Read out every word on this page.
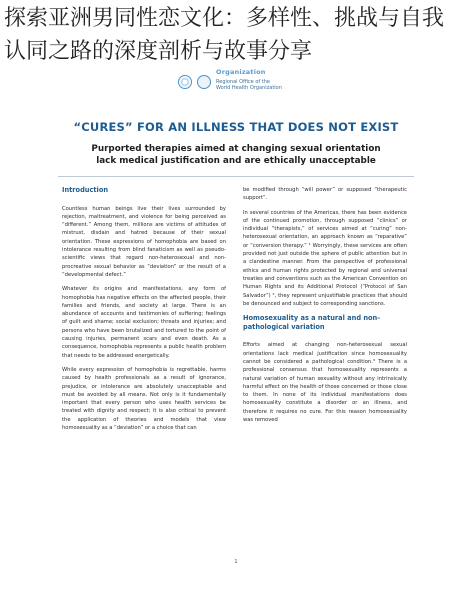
探索亚洲男同性恋文化：多样性、挑战与自我认同之路的深度剖析与故事分享
Organization
Regional Office of the
World Health Organization
“CURES” FOR AN ILLNESS THAT DOES NOT EXIST

Purported therapies aimed at changing sexual orientation lack medical justification and are ethically unacceptable

Introduction

Countless human beings live their lives surrounded by rejection, maltreatment, and violence for being perceived as “different.” Among them, millions are victims of attitudes of mistrust, disdain and hatred because of their sexual orientation. These expressions of homophobia are based on intolerance resulting from blind fanaticism as well as pseudo-scientific views that regard non-heterosexual and non-procreative sexual behavior as “deviation” or the result of a “developmental defect.”

Whatever its origins and manifestations, any form of homophobia has negative effects on the affected people, their families and friends, and society at large. There is an abundance of accounts and testimonies of suffering; feelings of guilt and shame; social exclusion; threats and injuries; and persons who have been brutalized and tortured to the point of causing injuries, permanent scars and even death. As a consequence, homophobia represents a public health problem that needs to be addressed energetically.

While every expression of homophobia is regrettable, harms caused by health professionals as a result of ignorance, prejudice, or intolerance are absolutely unacceptable and must be avoided by all means. Not only is it fundamentally important that every person who uses health services be treated with dignity and respect; it is also critical to prevent the application of theories and models that view homosexuality as a “deviation” or a choice that can

be modified through “will power” or supposed “therapeutic support”.

In several countries of the Americas, there has been evidence of the continued promotion, through supposed “clinics” or individual “therapists,” of services aimed at “curing” non-heterosexual orientation, an approach known as “reparative” or “conversion therapy.” ¹ Worryingly, these services are often provided not just outside the sphere of public attention but in a clandestine manner. From the perspective of professional ethics and human rights protected by regional and universal treaties and conventions such as the American Convention on Human Rights and its Additional Protocol (“Protocol of San Salvador”) ², they represent unjustifiable practices that should be denounced and subject to corresponding sanctions.

Homosexuality as a natural and non-pathological variation

Efforts aimed at changing non-heterosexual sexual orientations lack medical justification since homosexuality cannot be considered a pathological condition.³ There is a professional consensus that homosexuality represents a natural variation of human sexuality without any intrinsically harmful effect on the health of those concerned or those close to them. In none of its individual manifestations does homosexuality constitute a disorder or an illness, and therefore it requires no cure. For this reason homosexuality was removed

1
